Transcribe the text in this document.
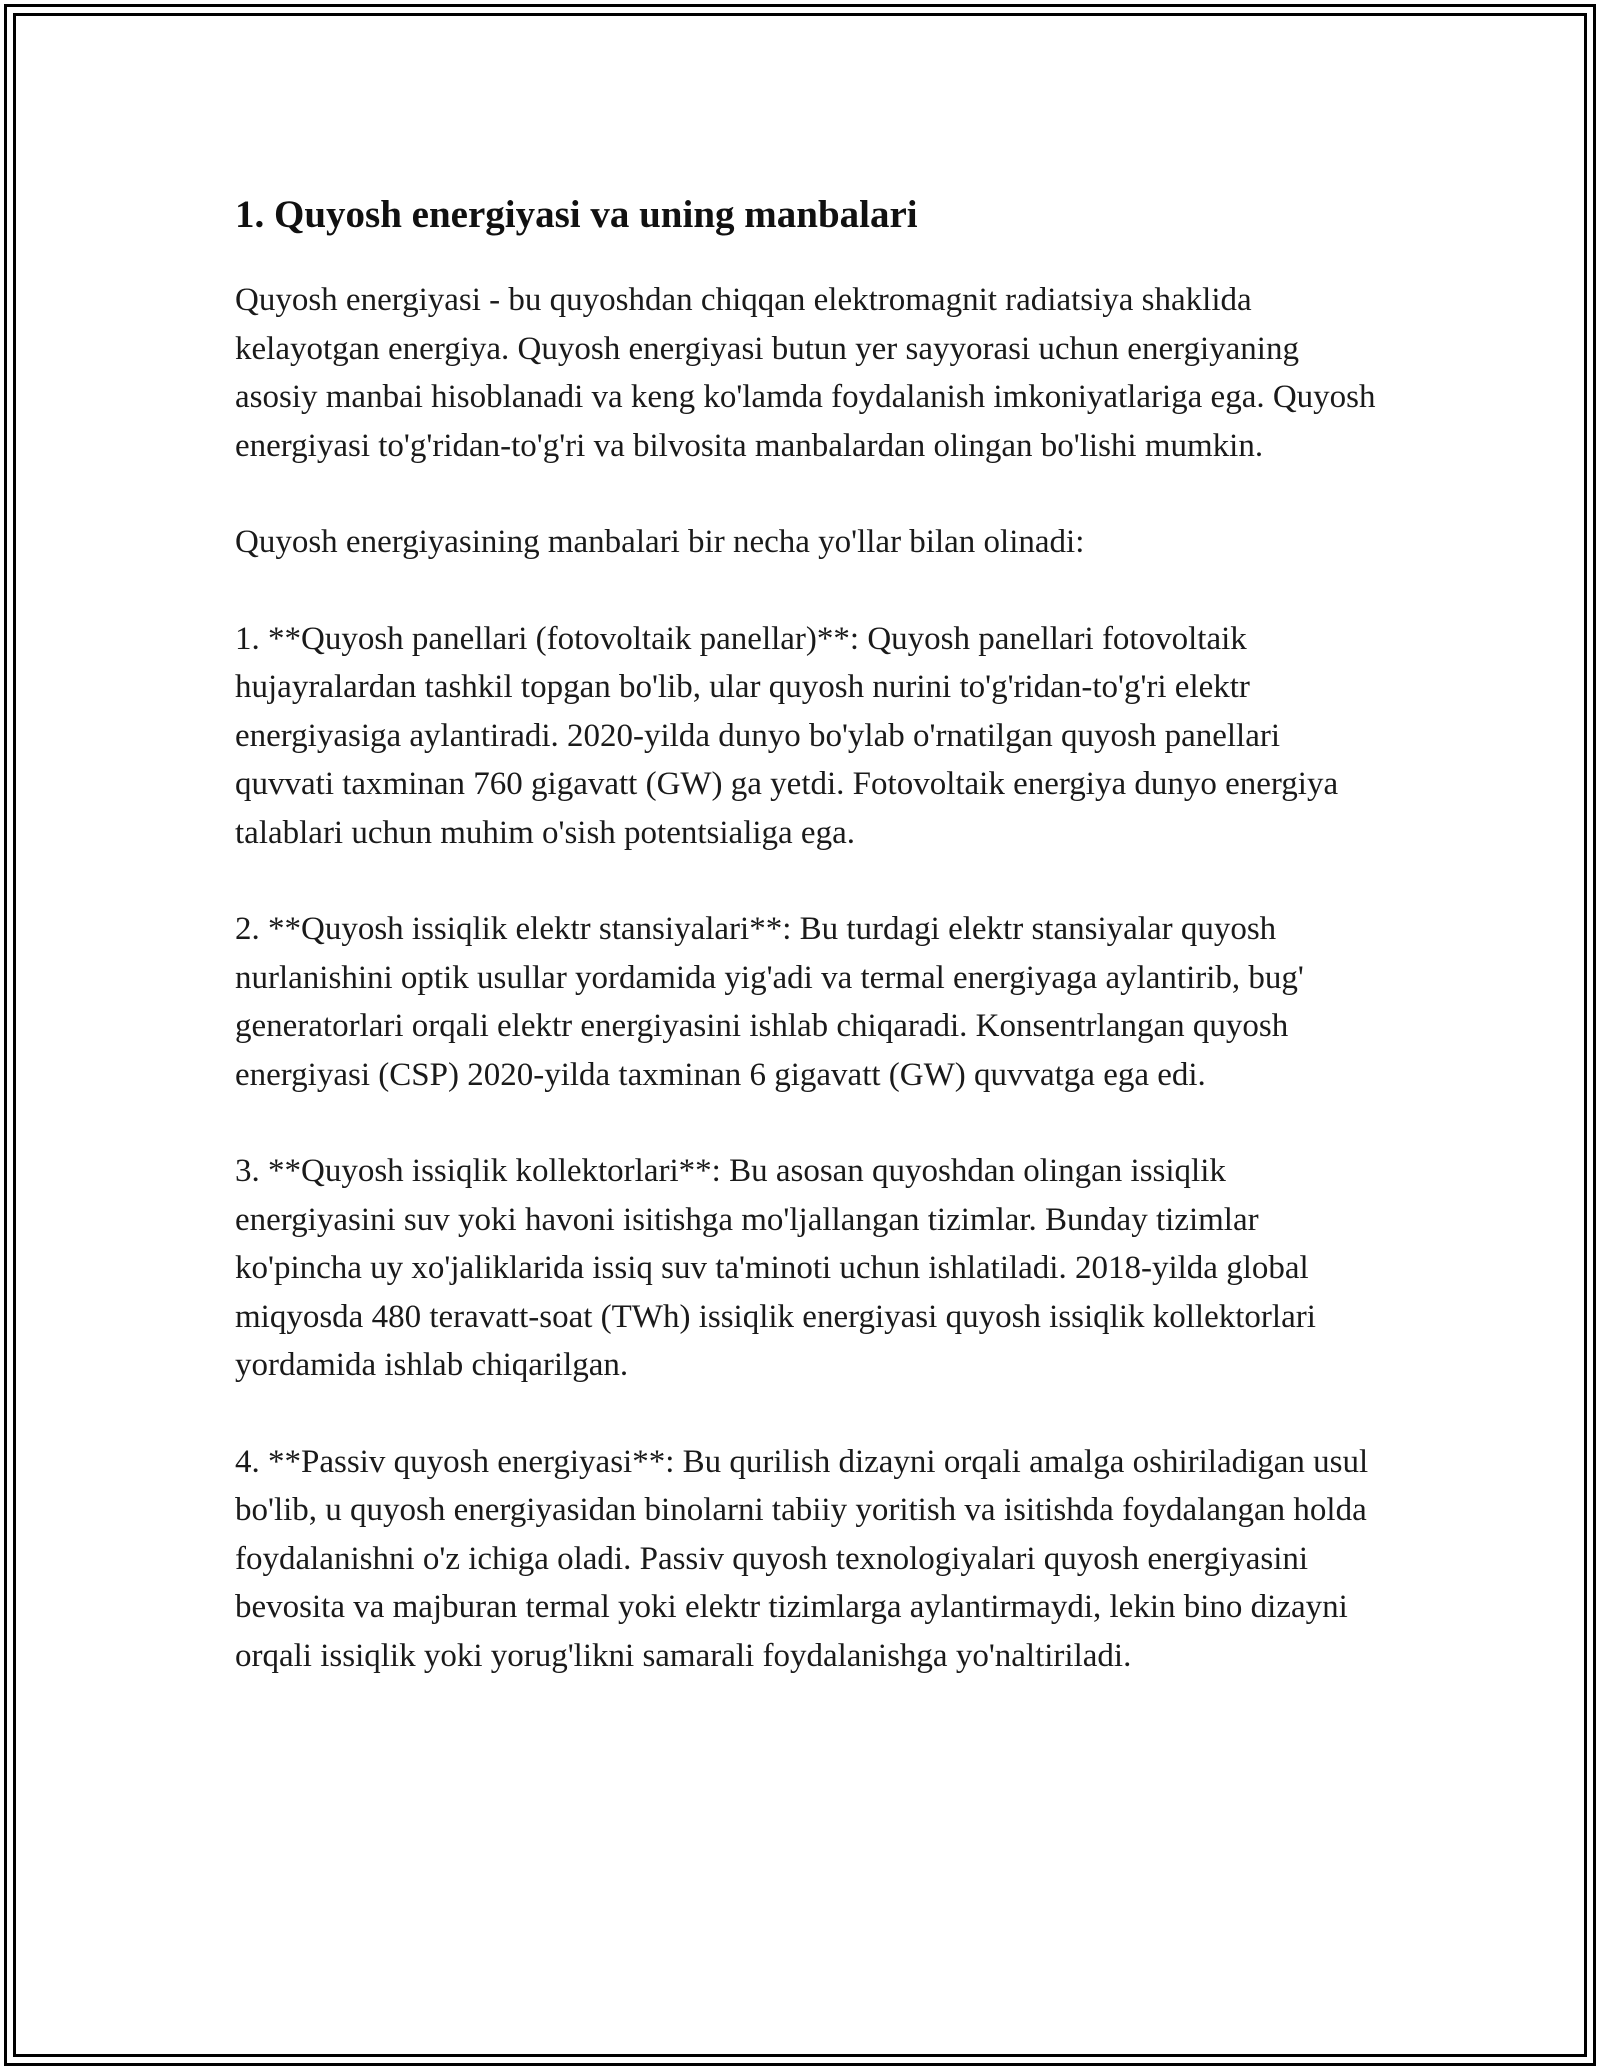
1. Quyosh energiyasi va uning manbalari

Quyosh energiyasi - bu quyoshdan chiqqan elektromagnit radiatsiya shaklida kelayotgan energiya. Quyosh energiyasi butun yer sayyorasi uchun energiyaning asosiy manbai hisoblanadi va keng ko'lamda foydalanish imkoniyatlariga ega. Quyosh energiyasi to'g'ridan-to'g'ri va bilvosita manbalardan olingan bo'lishi mumkin.

Quyosh energiyasining manbalari bir necha yo'llar bilan olinadi:

1. **Quyosh panellari (fotovoltaik panellar)**: Quyosh panellari fotovoltaik hujayralardan tashkil topgan bo'lib, ular quyosh nurini to'g'ridan-to'g'ri elektr energiyasiga aylantiradi. 2020-yilda dunyo bo'ylab o'rnatilgan quyosh panellari quvvati taxminan 760 gigavatt (GW) ga yetdi. Fotovoltaik energiya dunyo energiya talablari uchun muhim o'sish potentsialiga ega.

2. **Quyosh issiqlik elektr stansiyalari**: Bu turdagi elektr stansiyalar quyosh nurlanishini optik usullar yordamida yig'adi va termal energiyaga aylantirib, bug' generatorlari orqali elektr energiyasini ishlab chiqaradi. Konsentrlangan quyosh energiyasi (CSP) 2020-yilda taxminan 6 gigavatt (GW) quvvatga ega edi.

3. **Quyosh issiqlik kollektorlari**: Bu asosan quyoshdan olingan issiqlik energiyasini suv yoki havoni isitishga mo'ljallangan tizimlar. Bunday tizimlar ko'pincha uy xo'jaliklarida issiq suv ta'minoti uchun ishlatiladi. 2018-yilda global miqyosda 480 teravatt-soat (TWh) issiqlik energiyasi quyosh issiqlik kollektorlari yordamida ishlab chiqarilgan.

4. **Passiv quyosh energiyasi**: Bu qurilish dizayni orqali amalga oshiriladigan usul bo'lib, u quyosh energiyasidan binolarni tabiiy yoritish va isitishda foydalangan holda foydalanishni o'z ichiga oladi. Passiv quyosh texnologiyalari quyosh energiyasini bevosita va majburan termal yoki elektr tizimlarga aylantirmaydi, lekin bino dizayni orqali issiqlik yoki yorug'likni samarali foydalanishga yo'naltiriladi.
